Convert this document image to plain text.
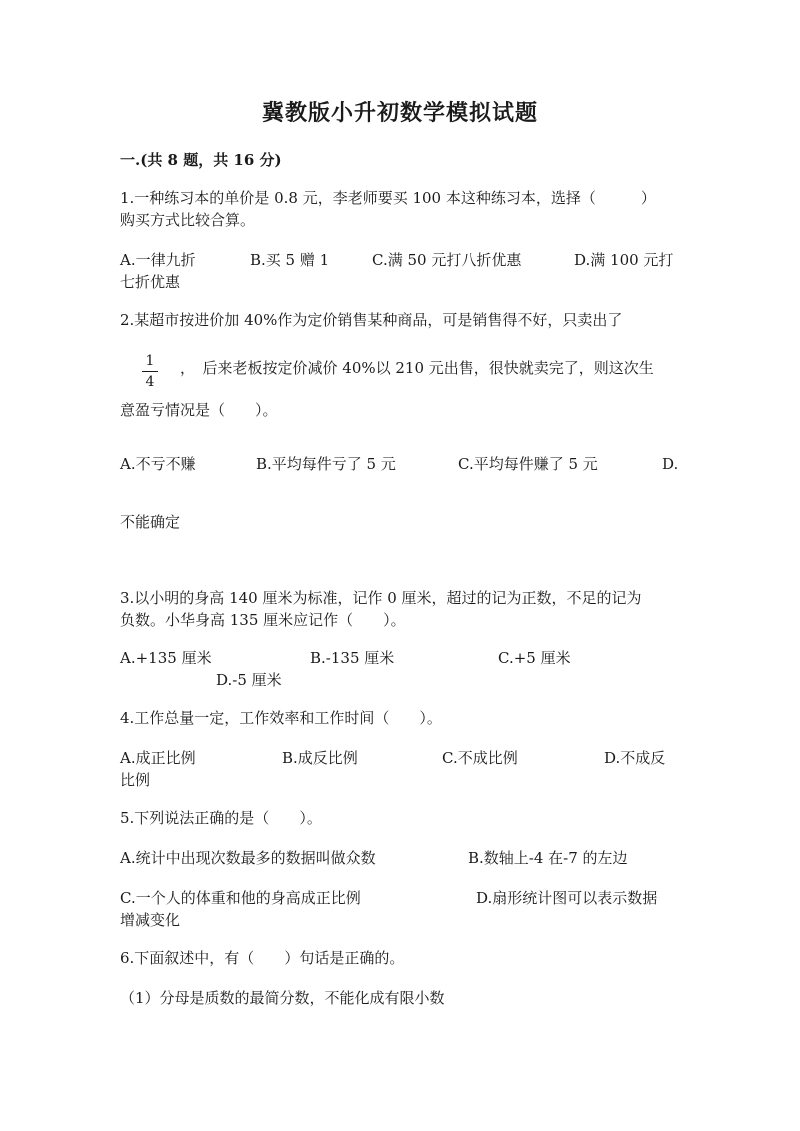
冀教版小升初数学模拟试题
一.(共 8 题，共 16 分)
1.一种练习本的单价是 0.8 元，李老师要买 100 本这种练习本，选择（　　　）
购买方式比较合算。
A.一律九折	B.买 5 赠 1	C.满 50 元打八折优惠	D.满 100 元打
七折优惠
2.某超市按进价加 40%作为定价销售某种商品，可是销售得不好，只卖出了
1
4
，　后来老板按定价减价 40%以 210 元出售，很快就卖完了，则这次生
意盈亏情况是（　　）。
A.不亏不赚	B.平均每件亏了 5 元	C.平均每件赚了 5 元	D.
不能确定
3.以小明的身高 140 厘米为标准，记作 0 厘米，超过的记为正数，不足的记为
负数。小华身高 135 厘米应记作（　　）。
A.+135 厘米	B.-135 厘米	C.+5 厘米
D.-5 厘米
4.工作总量一定，工作效率和工作时间（　　）。
A.成正比例	B.成反比例	C.不成比例	D.不成反
比例
5.下列说法正确的是（　　）。
A.统计中出现次数最多的数据叫做众数	B.数轴上-4 在-7 的左边
C.一个人的体重和他的身高成正比例	D.扇形统计图可以表示数据
增减变化
6.下面叙述中，有（　　）句话是正确的。
（1）分母是质数的最简分数，不能化成有限小数
